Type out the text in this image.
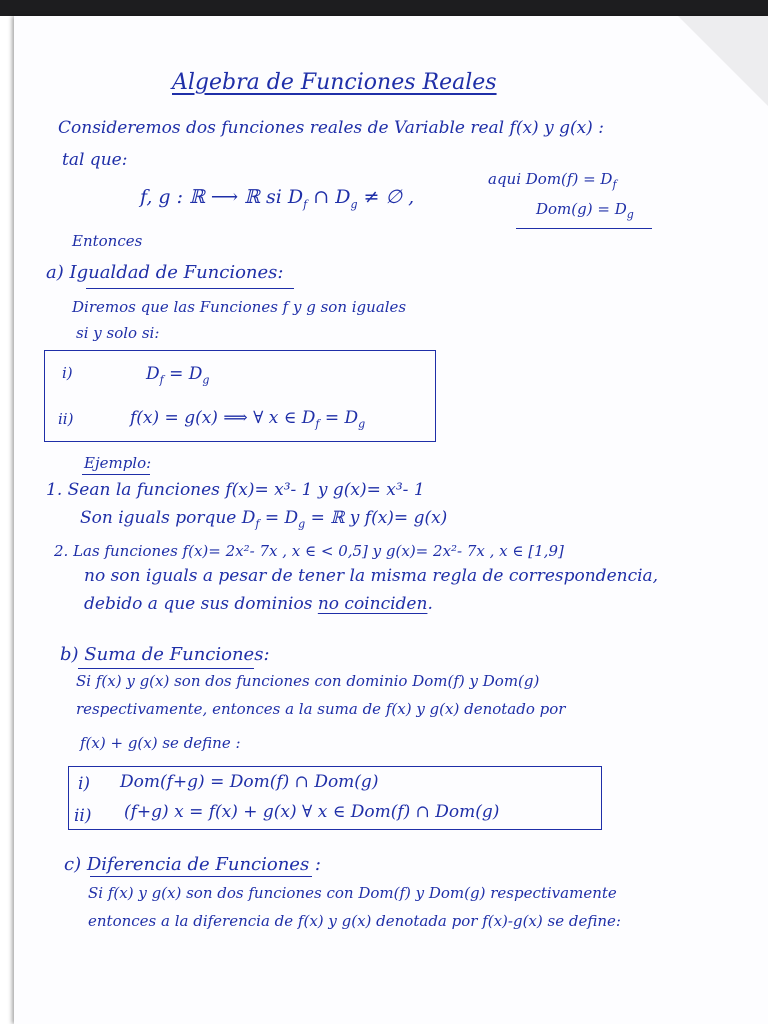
Algebra de Funciones Reales

Consideremos dos funciones reales de Variable real f(x) y g(x) :

tal que:

f, g : ℝ ⟶ ℝ si $D_f$ ∩ $D_g$ ≠ ∅ ,

aqui $Dom(f) = D_f$

$Dom(g) = D_g$

Entonces

a) Igualdad de Funciones:

Diremos que las Funciones f y g son iguales

si y solo si:

i)	$D_f = D_g$

ii)	f(x) = g(x) ⟹ ∀ x ∈ $D_f = D_g$

Ejemplo:

1. Sean la funciones f(x)= x³- 1 y g(x)= x³- 1

Son iguals porque $D_f = D_g$ = ℝ y f(x)= g(x)

2. Las funciones f(x)= 2x²- 7x , x ∈ < 0,5] y g(x)= 2x²- 7x , x ∈ [1,9]

no son iguals a pesar de tener la misma regla de correspondencia,

debido a que sus dominios no coinciden.

b) Suma de Funciones:

Si f(x) y g(x) son dos funciones con dominio Dom(f) y Dom(g)

respectivamente, entonces a la suma de f(x) y g(x) denotado por

f(x) + g(x) se define :

i) Dom(f+g) = Dom(f) ∩ Dom(g)

ii) (f+g) x = f(x) + g(x) ∀ x ∈ Dom(f) ∩ Dom(g)

c) Diferencia de Funciones :

Si f(x) y g(x) son dos funciones con Dom(f) y Dom(g) respectivamente

entonces a la diferencia de f(x) y g(x) denotada por f(x)-g(x) se define:
